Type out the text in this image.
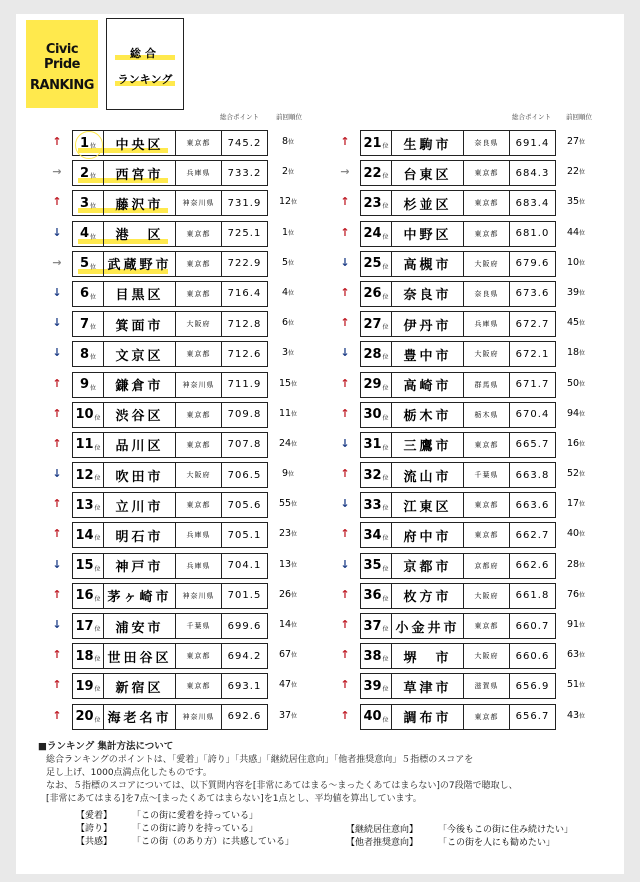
Civic Pride
RANKING
総合
ランキング
総合ポイント	前回順位
↑ 1 位	中央区	東京都	745.2	8位
→ 2 位	西宮市	兵庫県	733.2	2位
↑ 3 位	藤沢市	神奈川県	731.9	12位
↓ 4 位	港　区	東京都	725.1	1位
→ 5 位 武蔵野市	東京都	722.9	5位
↓ 6 位	目黒区	東京都	716.4	4位
↓ 7 位	箕面市	大阪府	712.8	6位
↓ 8 位	文京区	東京都	712.6	3位
↑ 9 位	鎌倉市	神奈川県	711.9	15位
↑ 10 位	渋谷区	東京都	709.8	11位
↑ 11 位	品川区	東京都	707.8	24位
↓ 12 位	吹田市	大阪府	706.5	9位
↑ 13 位	立川市	東京都	705.6	55位
↑ 14 位	明石市	兵庫県	705.1	23位
↓ 15 位	神戸市	兵庫県	704.1	13位
↑ 16 位 茅ヶ崎市	神奈川県	701.5	26位
↓ 17 位	浦安市	千葉県	699.6	14位
↑ 18 位 世田谷区	東京都	694.2	67位
↑ 19 位	新宿区	東京都	693.1	47位
↑ 20 位 海老名市	神奈川県	692.6	37位
総合ポイント 前回順位
↑ 21 位	生駒市	奈良県	691.4	27位
→ 22 位	台東区	東京都	684.3	22位
↑ 23 位	杉並区	東京都	683.4	35位
↑ 24 位	中野区	東京都	681.0	44位
↓ 25 位	高槻市	大阪府	679.6	10位
↑ 26 位	奈良市	奈良県	673.6	39位
↑ 27 位	伊丹市	兵庫県	672.7	45位
↓ 28 位	豊中市	大阪府	672.1	18位
↑ 29 位	高崎市	群馬県	671.7	50位
↑ 30 位	栃木市	栃木県	670.4	94位
↓ 31 位	三鷹市	東京都	665.7	16位
↑ 32 位	流山市	千葉県	663.8	52位
↓ 33 位	江東区	東京都	663.6	17位
↑ 34 位	府中市	東京都	662.7	40位
↓ 35 位	京都市	京都府	662.6	28位
↑ 36 位	枚方市	大阪府	661.8	76位
↑ 37 位 小金井市	東京都	660.7	91位
↑ 38 位	堺　市	大阪府	660.6	63位
↑ 39 位	草津市	滋賀県	656.9	51位
↑ 40 位	調布市	東京都	656.7	43位
■ランキング 集計方法について

総合ランキングのポイントは、「愛着」「誇り」「共感」「継続居住意向」「他者推奨意向」５指標のスコアを
足し上げ、1000点満点化したものです。
なお、５指標のスコアについては、以下質問内容を[非常にあてはまる～まったくあてはまらない]の7段階で聴取し、
[非常にあてはまる]を7点～[まったくあてはまらない]を1点とし、平均値を算出しています。

【愛着】 「この街に愛着を持っている」
【誇り】 「この街に誇りを持っている」
【共感】 「この街（のあり方）に共感している」
【継続居住意向】 「今後もこの街に住み続けたい」
【他者推奨意向】 「この街を人にも勧めたい」
